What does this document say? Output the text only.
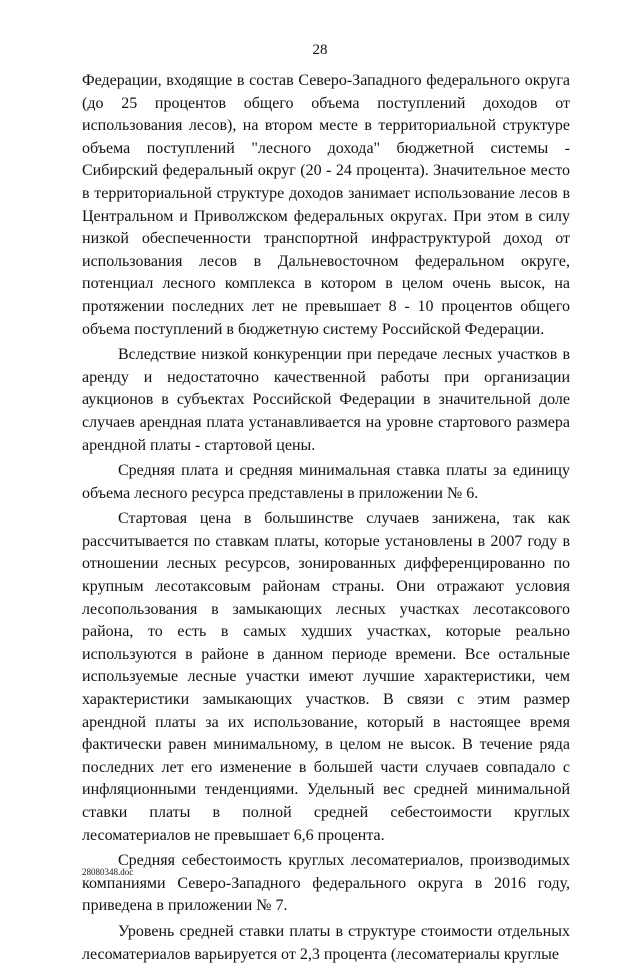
28

Федерации, входящие в состав Северо-Западного федерального округа (до 25 процентов общего объема поступлений доходов от использования лесов), на втором месте в территориальной структуре объема поступлений "лесного дохода" бюджетной системы - Сибирский федеральный округ (20 - 24 процента). Значительное место в территориальной структуре доходов занимает использование лесов в Центральном и Приволжском федеральных округах. При этом в силу низкой обеспеченности транспортной инфраструктурой доход от использования лесов в Дальневосточном федеральном округе, потенциал лесного комплекса в котором в целом очень высок, на протяжении последних лет не превышает 8 - 10 процентов общего объема поступлений в бюджетную систему Российской Федерации.

Вследствие низкой конкуренции при передаче лесных участков в аренду и недостаточно качественной работы при организации аукционов в субъектах Российской Федерации в значительной доле случаев арендная плата устанавливается на уровне стартового размера арендной платы - стартовой цены.

Средняя плата и средняя минимальная ставка платы за единицу объема лесного ресурса представлены в приложении № 6.

Стартовая цена в большинстве случаев занижена, так как рассчитывается по ставкам платы, которые установлены в 2007 году в отношении лесных ресурсов, зонированных дифференцированно по крупным лесотаксовым районам страны. Они отражают условия лесопользования в замыкающих лесных участках лесотаксового района, то есть в самых худших участках, которые реально используются в районе в данном периоде времени. Все остальные используемые лесные участки имеют лучшие характеристики, чем характеристики замыкающих участков. В связи с этим размер арендной платы за их использование, который в настоящее время фактически равен минимальному, в целом не высок. В течение ряда последних лет его изменение в большей части случаев совпадало с инфляционными тенденциями. Удельный вес средней минимальной ставки платы в полной средней себестоимости круглых лесоматериалов не превышает 6,6 процента.

Средняя себестоимость круглых лесоматериалов, производимых компаниями Северо-Западного федерального округа в 2016 году, приведена в приложении № 7.

Уровень средней ставки платы в структуре стоимости отдельных лесоматериалов варьируется от 2,3 процента (лесоматериалы круглые

28080348.doc
